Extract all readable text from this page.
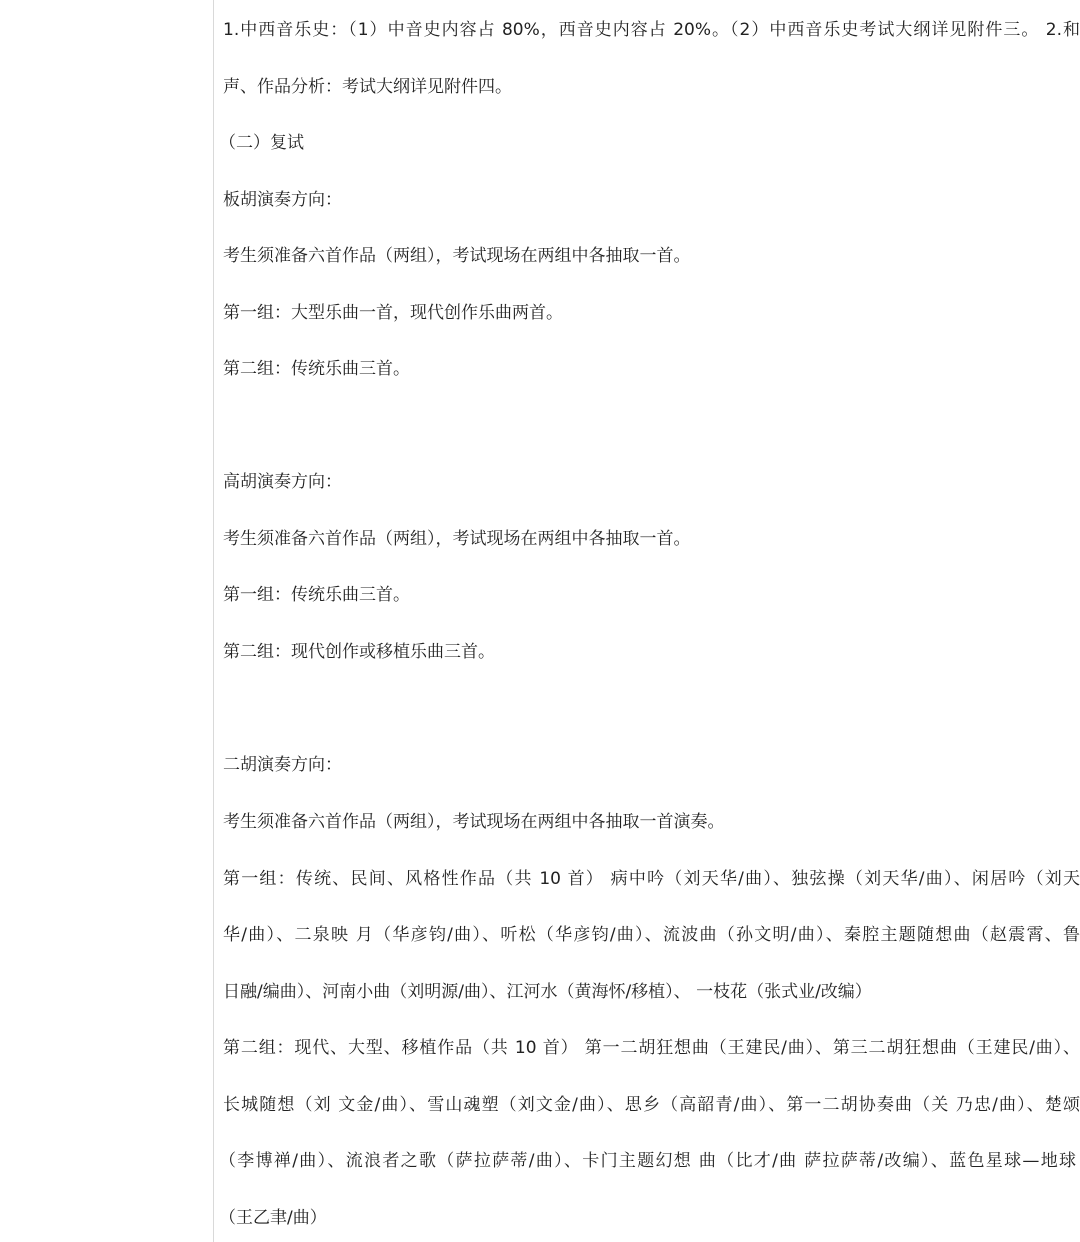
1.中西音乐史：（1）中音史内容占 80%，西音史内容占 20%。（2）中西音乐史考试大纲详见附件三。 2.和
声、作品分析：考试大纲详见附件四。
（二）复试
板胡演奏方向：
考生须准备六首作品（两组），考试现场在两组中各抽取一首。
第一组：大型乐曲一首，现代创作乐曲两首。
第二组：传统乐曲三首。
高胡演奏方向：
考生须准备六首作品（两组），考试现场在两组中各抽取一首。
第一组：传统乐曲三首。
第二组：现代创作或移植乐曲三首。
二胡演奏方向：
考生须准备六首作品（两组），考试现场在两组中各抽取一首演奏。
第一组：传统、民间、风格性作品（共 10 首） 病中吟（刘天华/曲）、独弦操（刘天华/曲）、闲居吟（刘天
华/曲）、二泉映 月（华彦钧/曲）、听松（华彦钧/曲）、流波曲（孙文明/曲）、秦腔主题随想曲（赵震霄、鲁
日融/编曲）、河南小曲（刘明源/曲）、江河水（黄海怀/移植）、 一枝花（张式业/改编）
第二组：现代、大型、移植作品（共 10 首） 第一二胡狂想曲（王建民/曲）、第三二胡狂想曲（王建民/曲）、
长城随想（刘 文金/曲）、雪山魂塑（刘文金/曲）、思乡（高韶青/曲）、第一二胡协奏曲（关 乃忠/曲）、楚颂
（李博禅/曲）、流浪者之歌（萨拉萨蒂/曲）、卡门主题幻想 曲（比才/曲 萨拉萨蒂/改编）、蓝色星球—地球
（王乙聿/曲）
